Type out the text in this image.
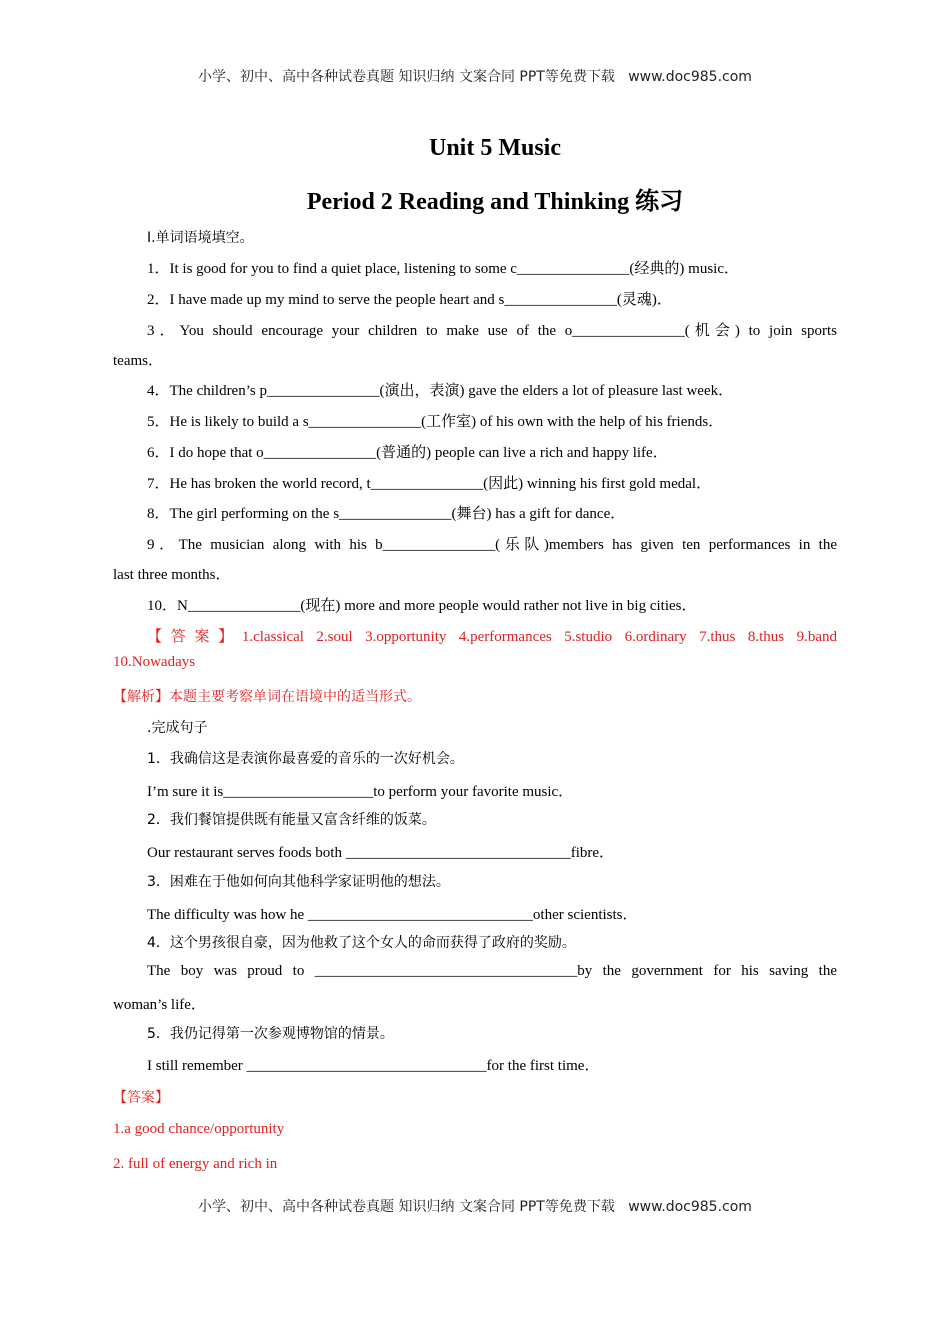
小学、初中、高中各种试卷真题 知识归纳 文案合同 PPT等免费下载 www.doc985.com
Unit 5 Music
Period 2 Reading and Thinking 练习
Ⅰ.单词语境填空。
1．It is good for you to find a quiet place, listening to some c_______________(经典的) music．
2．I have made up my mind to serve the people heart and s_______________(灵魂)．
3．You should encourage your children to make use of the o_______________(机会) to join sports
teams．
4．The children’s p_______________(演出，表演) gave the elders a lot of pleasure last week．
5．He is likely to build a s_______________(工作室) of his own with the help of his friends．
6．I do hope that o_______________(普通的) people can live a rich and happy life．
7．He has broken the world record, t_______________(因此) winning his first gold medal．
8．The girl performing on the s_______________(舞台) has a gift for dance．
9．The musician along with his b_______________(乐队)members has given ten performances in the
last three months．
10．N_______________(现在) more and more people would rather not live in big cities．
【答案】1.classical 2.soul 3.opportunity 4.performances 5.studio 6.ordinary 7.thus 8.thus 9.band
10.Nowadays
【解析】本题主要考察单词在语境中的适当形式。
.完成句子
1．我确信这是表演你最喜爱的音乐的一次好机会。
I’m sure it is____________________to perform your favorite music．
2．我们餐馆提供既有能量又富含纤维的饭菜。
Our restaurant serves foods both ______________________________fibre．
3．困难在于他如何向其他科学家证明他的想法。
The difficulty was how he ______________________________other scientists．
4．这个男孩很自豪，因为他救了这个女人的命而获得了政府的奖励。
The boy was proud to ___________________________________by the government for his saving the
woman’s life．
5．我仍记得第一次参观博物馆的情景。
I still remember ________________________________for the first time．
【答案】
1.a good chance/opportunity
2. full of energy and rich in
小学、初中、高中各种试卷真题 知识归纳 文案合同 PPT等免费下载 www.doc985.com
